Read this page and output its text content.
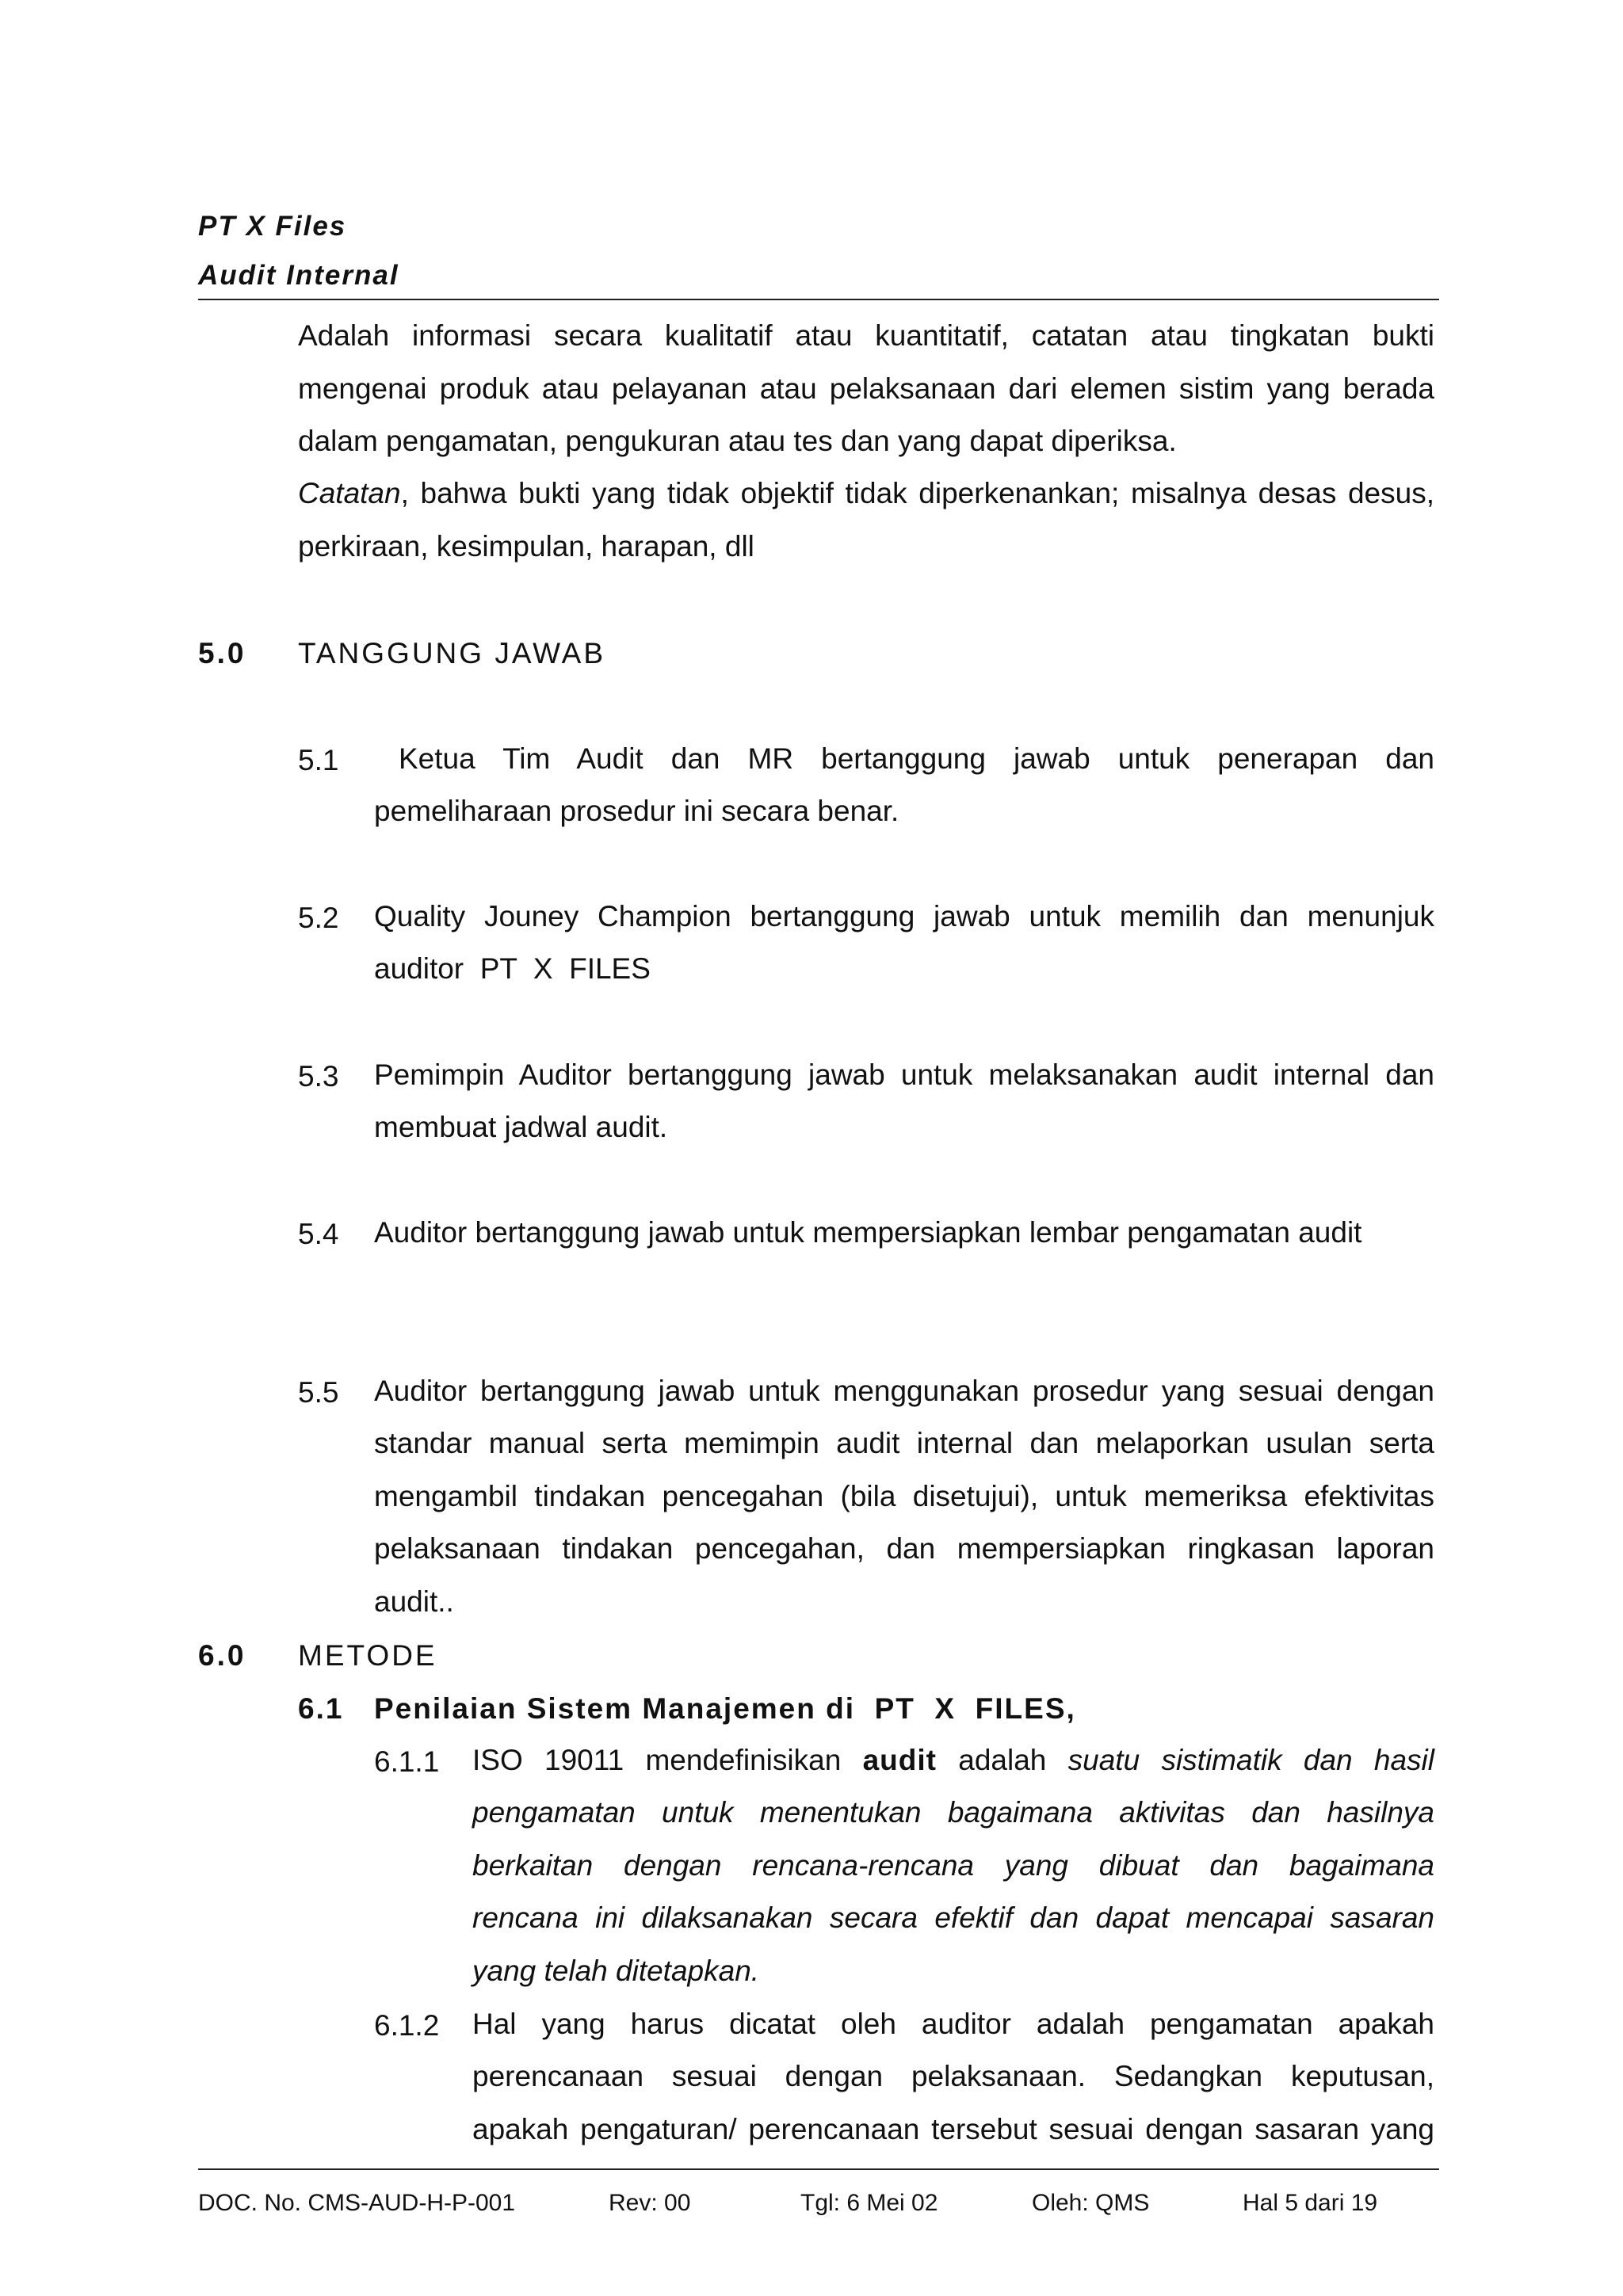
PT X Files
Audit Internal
Adalah informasi secara kualitatif atau kuantitatif, catatan atau tingkatan bukti
mengenai produk atau pelayanan atau pelaksanaan dari elemen sistim yang berada
dalam pengamatan, pengukuran atau tes dan yang dapat diperiksa.
Catatan, bahwa bukti yang tidak objektif tidak diperkenankan; misalnya desas desus,
perkiraan, kesimpulan, harapan, dll
5.0 TANGGUNG JAWAB
5.1 Ketua Tim Audit dan MR bertanggung jawab untuk penerapan dan
pemeliharaan prosedur ini secara benar.
5.2 Quality Jouney Champion bertanggung jawab untuk memilih dan menunjuk
auditor  PT  X  FILES
5.3 Pemimpin Auditor bertanggung jawab untuk melaksanakan audit internal dan
membuat jadwal audit.
5.4 Auditor bertanggung jawab untuk mempersiapkan lembar pengamatan audit
5.5 Auditor bertanggung jawab untuk menggunakan prosedur yang sesuai dengan
standar manual serta memimpin audit internal dan melaporkan usulan serta
mengambil tindakan pencegahan (bila disetujui), untuk memeriksa efektivitas
pelaksanaan tindakan pencegahan, dan mempersiapkan ringkasan laporan
audit..
6.0 METODE
6.1 Penilaian Sistem Manajemen di  PT  X  FILES,
6.1.1 ISO 19011 mendefinisikan audit adalah suatu sistimatik dan hasil
pengamatan untuk menentukan bagaimana aktivitas dan hasilnya
berkaitan dengan rencana-rencana yang dibuat dan bagaimana
rencana ini dilaksanakan secara efektif dan dapat mencapai sasaran
yang telah ditetapkan.
6.1.2 Hal yang harus dicatat oleh auditor adalah pengamatan apakah
perencanaan sesuai dengan pelaksanaan. Sedangkan keputusan,
apakah pengaturan/ perencanaan tersebut sesuai dengan sasaran yang
DOC. No. CMS-AUD-H-P-001	Rev: 00	Tgl: 6 Mei 02	Oleh: QMS	Hal 5 dari 19
